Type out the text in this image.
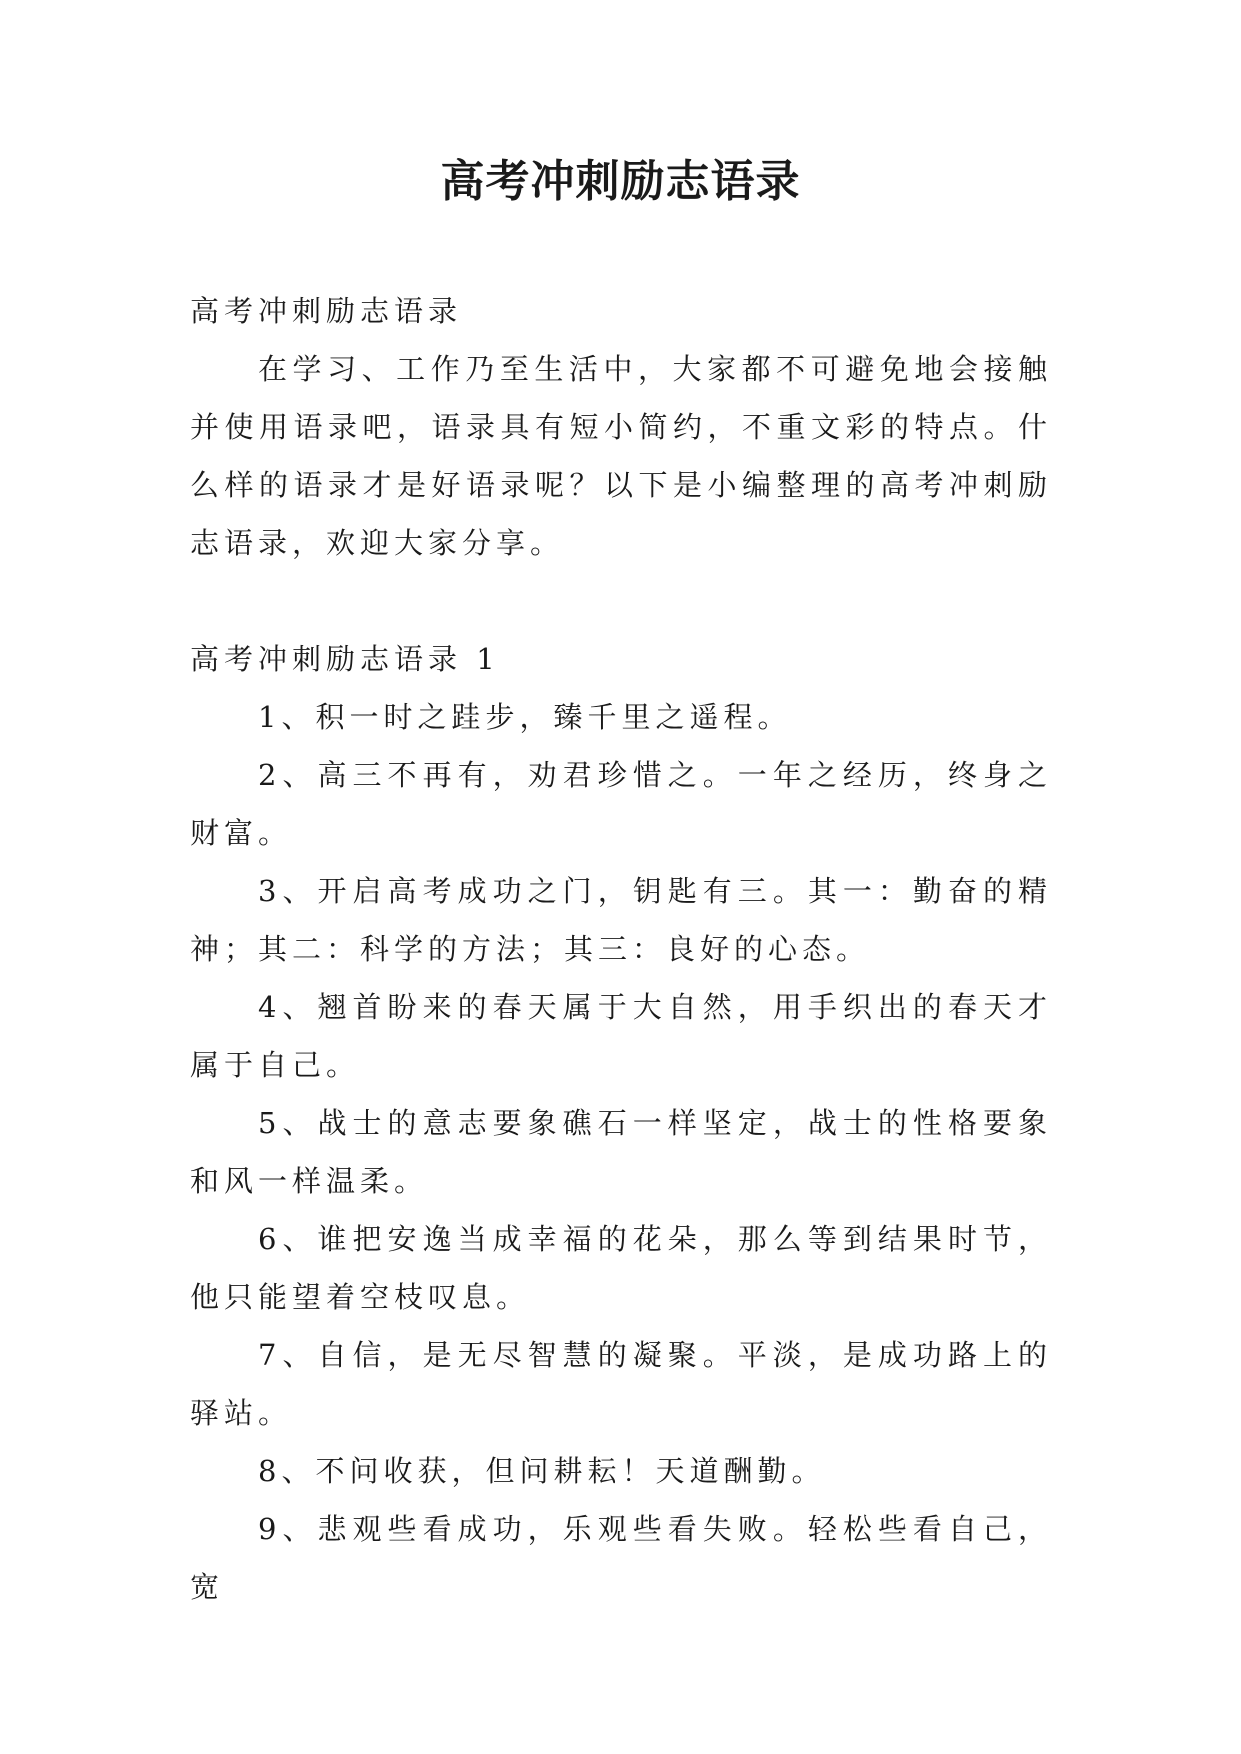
高考冲刺励志语录

高考冲刺励志语录

在学习、工作乃至生活中，大家都不可避免地会接触并使用语录吧，语录具有短小简约，不重文彩的特点。什么样的语录才是好语录呢？以下是小编整理的高考冲刺励志语录，欢迎大家分享。

高考冲刺励志语录 1

1、积一时之跬步，臻千里之遥程。

2、高三不再有，劝君珍惜之。一年之经历，终身之财富。

3、开启高考成功之门，钥匙有三。其一：勤奋的精神；其二：科学的方法；其三：良好的心态。

4、翘首盼来的春天属于大自然，用手织出的春天才属于自己。

5、战士的意志要象礁石一样坚定，战士的性格要象和风一样温柔。

6、谁把安逸当成幸福的花朵，那么等到结果时节，他只能望着空枝叹息。

7、自信，是无尽智慧的凝聚。平淡，是成功路上的驿站。

8、不问收获，但问耕耘！天道酬勤。

9、悲观些看成功，乐观些看失败。轻松些看自己，宽
